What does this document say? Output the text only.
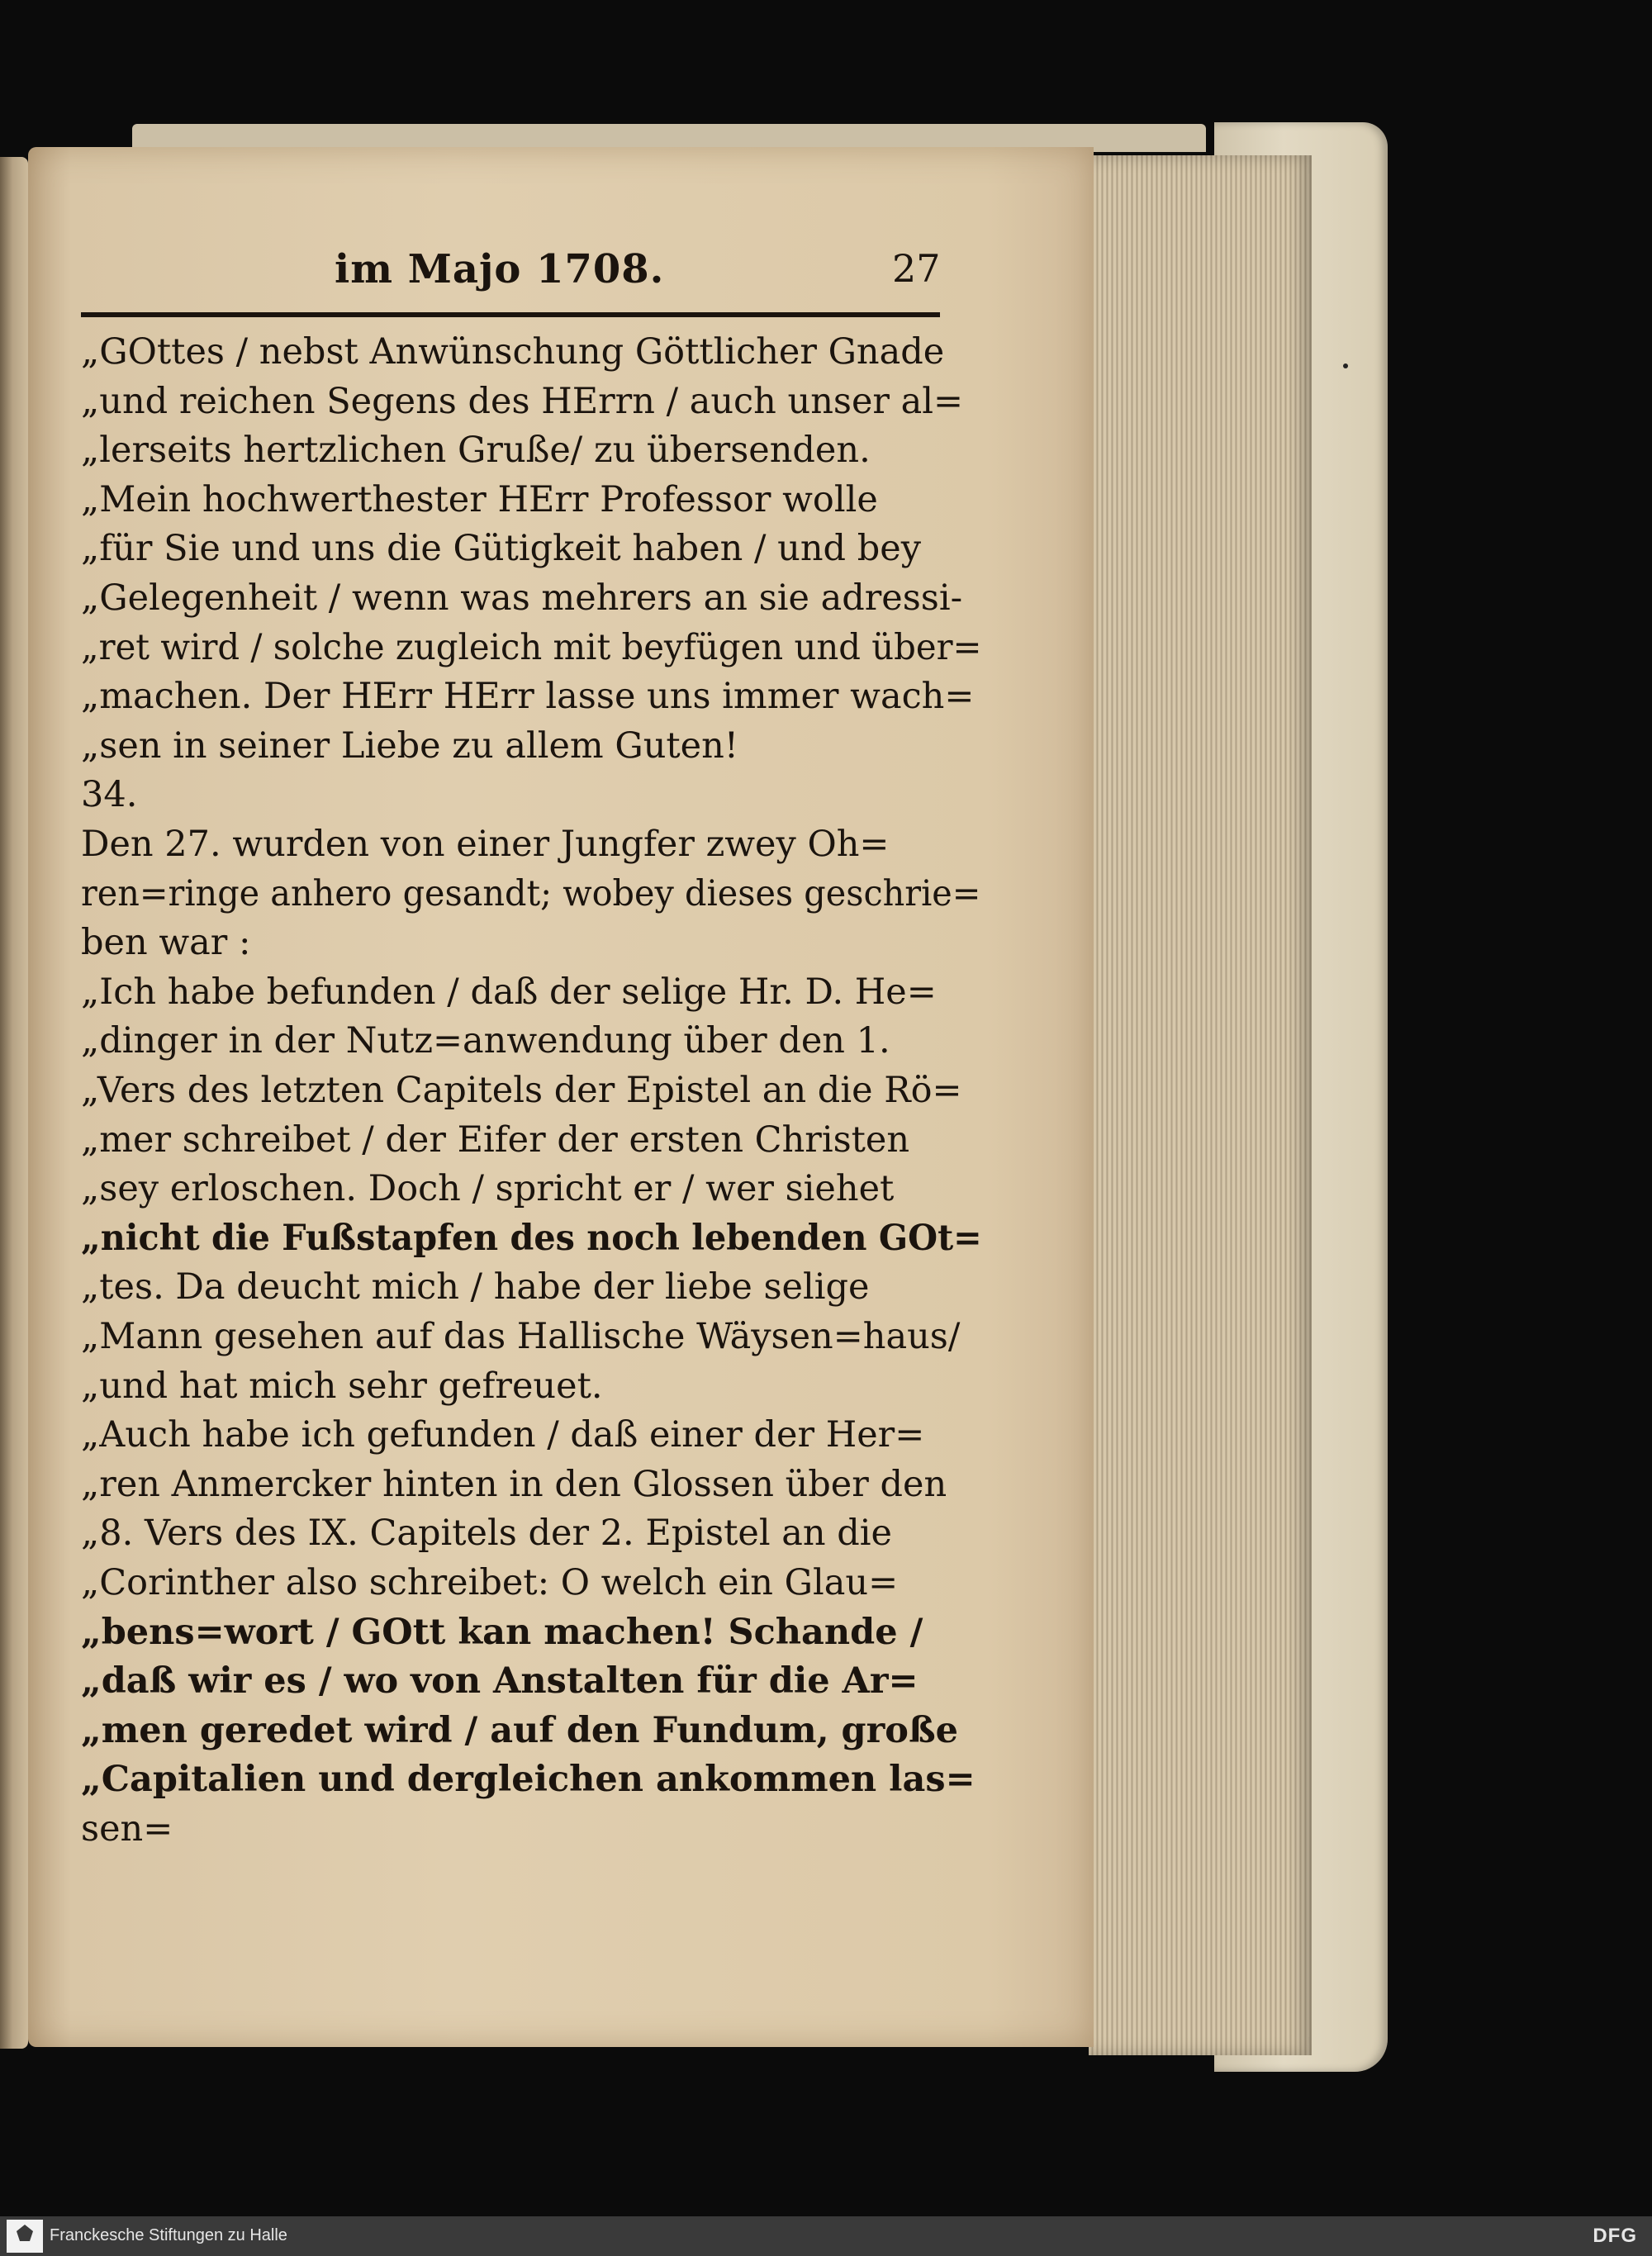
im Majo 1708.	27
„GOttes / nebst Anwünschung Göttlicher Gnade
„und reichen Segens des HErrn / auch unser al=
„lerseits hertzlichen Gruße/ zu übersenden.
„Mein hochwerthester HErr Professor wolle
„für Sie und uns die Gütigkeit haben / und bey
„Gelegenheit / wenn was mehrers an sie adressi-
„ret wird / solche zugleich mit beyfügen und über=
„machen. Der HErr HErr lasse uns immer wach=
„sen in seiner Liebe zu allem Guten!
34.
Den 27. wurden von einer Jungfer zwey Oh=
ren=ringe anhero gesandt; wobey dieses geschrie=
ben war :
„Ich habe befunden / daß der selige Hr. D. He=
„dinger in der Nutz=anwendung über den 1.
„Vers des letzten Capitels der Epistel an die Rö=
„mer schreibet / der Eifer der ersten Christen
„sey erloschen. Doch / spricht er / wer siehet
„nicht die Fußstapfen des noch lebenden GOt=
„tes. Da deucht mich / habe der liebe selige
„Mann gesehen auf das Hallische Wäysen=haus/
„und hat mich sehr gefreuet.
„Auch habe ich gefunden / daß einer der Her=
„ren Anmercker hinten in den Glossen über den
„8. Vers des IX. Capitels der 2. Epistel an die
„Corinther also schreibet: O welch ein Glau=
„bens=wort / GOtt kan machen! Schande /
„daß wir es / wo von Anstalten für die Ar=
„men geredet wird / auf den Fundum, große
„Capitalien und dergleichen ankommen las=
sen=
Franckesche Stiftungen zu Halle	DFG
